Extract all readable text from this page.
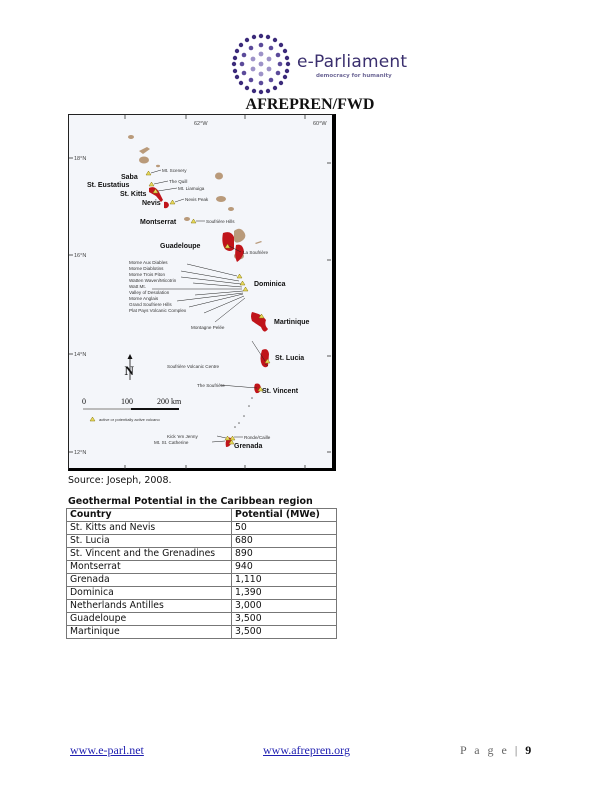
e-Parliament
democracy for humanity
AFREPREN/FWD
62°W	60°W
18°N
16°N
14°N
12°N
Mt. Scenery
The Quill
Mt. Liamuiga
Nevis Peak
Soufrière Hills
La Soufrière
Morne Aux Diables
Morne Diablotins
Morne Trois Piton
Watten Waven/Micotrin
Watt Mt.
Valley of Desolation
Morne Anglais
Grand Soufriere Hills
Plat Pays Volcanic Complex
Montagne Pelée
Soufrière Volcanic Centre
The Soufrière
Kick 'em Jenny	Ronde/Caille
Mt. St. Catherine
Saba
St. Eustatius
St. Kitts
Nevis
Montserrat
Guadeloupe
Dominica
Martinique
St. Lucia
St. Vincent
Grenada
N
0	100	200 km
active or potentially active volcano
Source: Joseph, 2008.
Geothermal Potential in the Caribbean region
Country	Potential (MWe)
St. Kitts and Nevis	50
St. Lucia	680
St. Vincent and the Grenadines	890
Montserrat	940
Grenada	1,110
Dominica	1,390
Netherlands Antilles	3,000
Guadeloupe	3,500
Martinique	3,500
www.e-parl.net	www.afrepren.org	P a g e | 9
